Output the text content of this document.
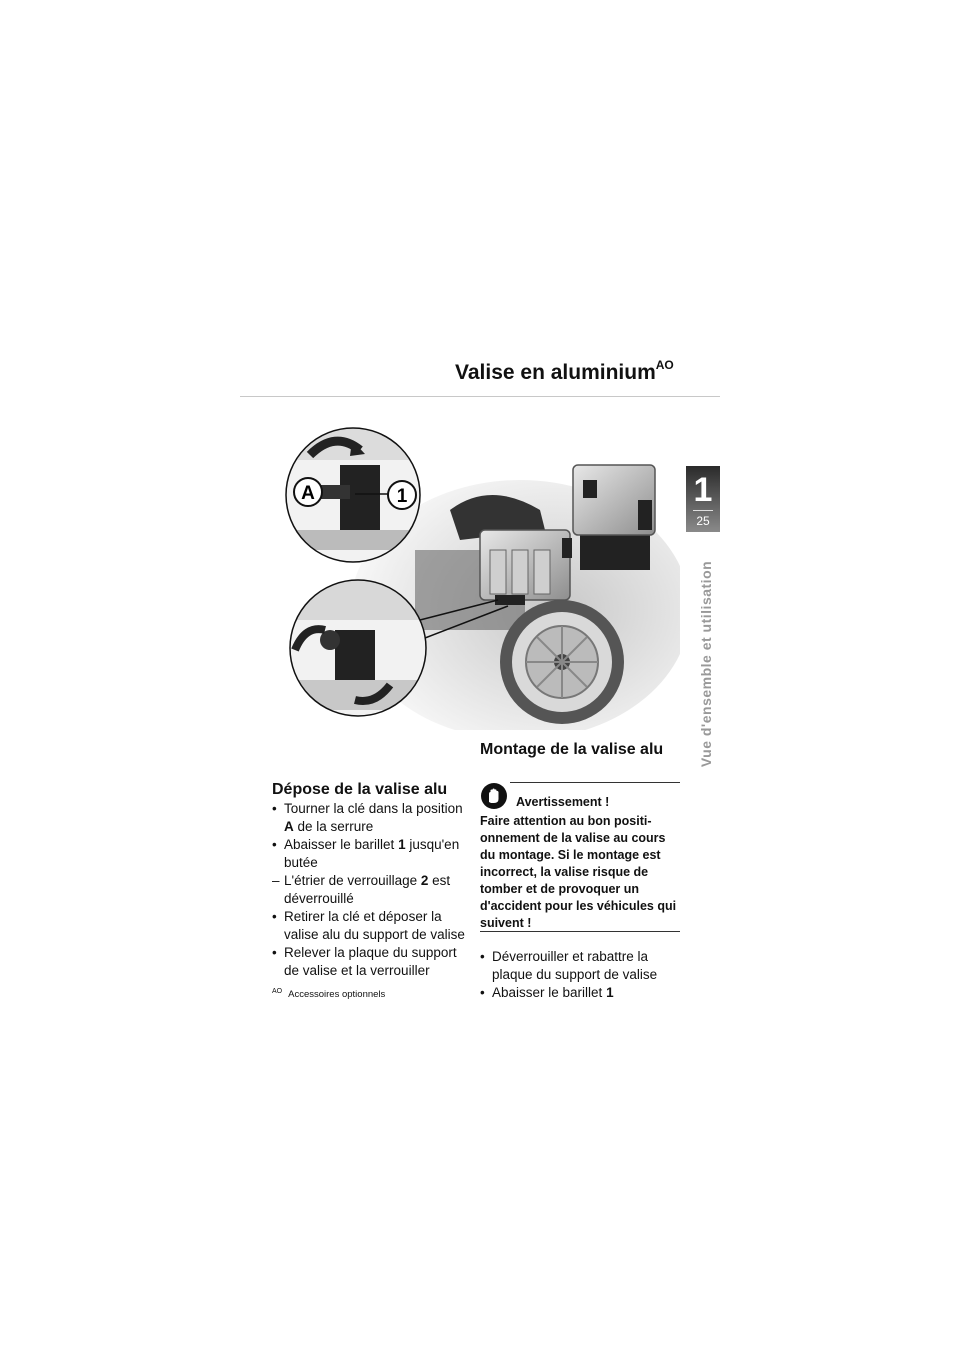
Valise en aluminium$^{AO}$
1
25
Vue d'ensemble et utilisation
A	1
Dépose de la valise alu
• Tourner la clé dans la position A de la serrure
• Abaisser le barillet 1 jusqu'en butée
– L'étrier de verrouillage 2 est déverrouillé
• Retirer la clé et déposer la valise alu du support de valise
• Relever la plaque du support de valise et la verrouiller
$^{AO}$ Accessoires optionnels
Montage de la valise alu
Avertissement !
Faire attention au bon positi-onnement de la valise au cours du montage. Si le montage est incorrect, la valise risque de tomber et de provoquer un d'accident pour les véhicules qui suivent !
• Déverrouiller et rabattre la plaque du support de valise
• Abaisser le barillet 1
